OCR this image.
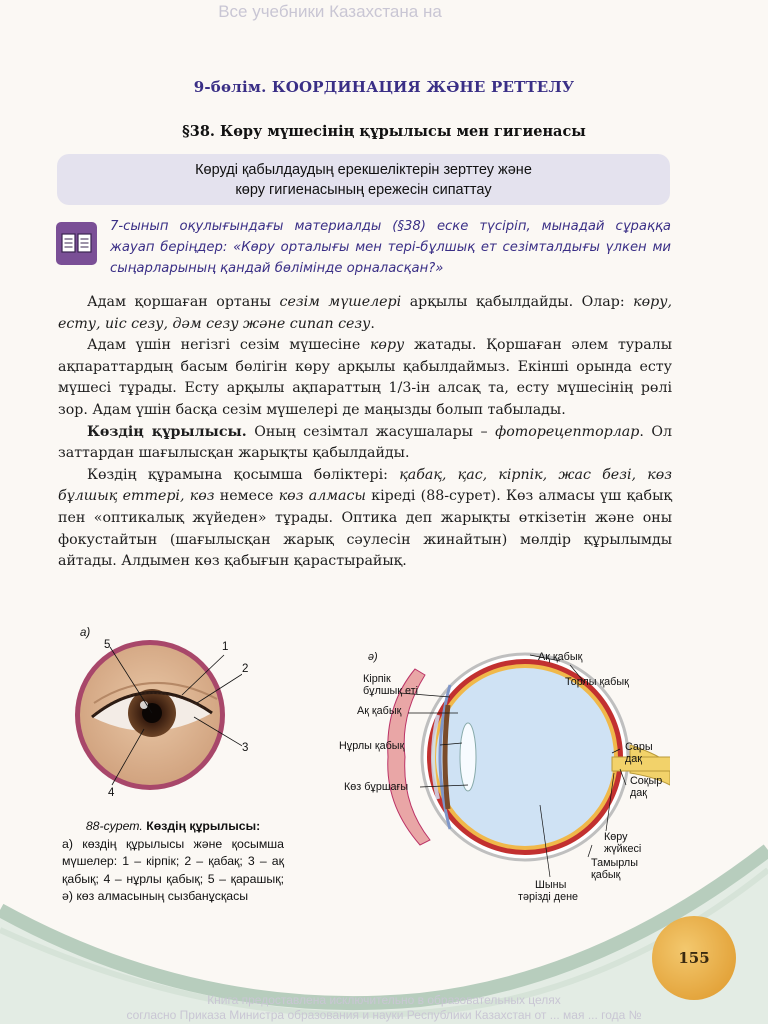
Все учебники Казахстана на
9-бөлім. КООРДИНАЦИЯ ЖӘНЕ РЕТТЕЛУ
§38. Көру мүшесінің құрылысы мен гигиенасы
Көруді қабылдаудың ерекшеліктерін зерттеу және
көру гигиенасының ережесін сипаттау
7-сынып оқулығындағы материалды (§38) еске түсіріп, мынадай сұраққа жауап беріңдер: «Көру орталығы мен тері-бұлшық ет сезімталдығы үлкен ми сыңарларының қандай бөлімінде орналасқан?»

Адам қоршаған ортаны сезім мүшелері арқылы қабылдайды. Олар: көру, есту, иіс сезу, дәм сезу және сипап сезу.

Адам үшін негізгі сезім мүшесіне көру жатады. Қоршаған әлем туралы ақпараттардың басым бөлігін көру арқылы қабылдаймыз. Екінші орында есту мүшесі тұрады. Есту арқылы ақпараттың 1/3-ін алсақ та, есту мүшесінің рөлі зор. Адам үшін басқа сезім мүшелері де маңызды болып табылады.

Көздің құрылысы. Оның сезімтал жасушалары – фоторецепторлар. Ол заттардан шағылысқан жарықты қабылдайды.

Көздің құрамына қосымша бөліктері: қабақ, қас, кірпік, жас безі, көз бұлшық еттері, көз немесе көз алмасы кіреді (88-сурет). Көз алмасы үш қабық пен «оптикалық жүйеден» тұрады. Оптика деп жарықты өткізетін және оны фокустайтын (шағылысқан жарық сәулесін жинайтын) мөлдір құрылымды айтады. Алдымен көз қабығын қарастырайық.

а)
5	1
2
3
4
ә)	Ақ қабық
Кірпік
бұлшық еті
Ақ қабық
Нұрлы қабық
Көз бұршағы
Торлы қабық
Сары
дақ
Соқыр
дақ
Көру
жүйкесі
Тамырлы
қабық
Шыны
тәрізді дене
88-сурет. Көздің құрылысы:
а) көздің құрылысы және қосымша мүшелер: 1 – кірпік; 2 – қабақ; 3 – ақ қабық; 4 – нұрлы қабық; 5 – қарашық; ә) көз алмасының сызбанұсқасы
155
Книга предоставлена исключительно в образовательных целях
согласно Приказа Министра образования и науки Республики Казахстан от ... мая ... года №
